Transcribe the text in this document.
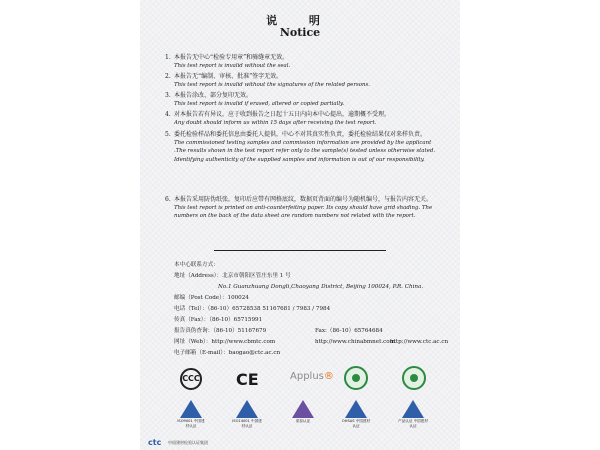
说 明
Notice
1. 本报告无中心“检验专用章”和骑缝章无效。
This test report is invalid without the seal.
2. 本报告无“编制、审核、批准”签字无效。
This test report is invalid without the signatures of the related persons.
3. 本报告涂改、部分复印无效。
This test report is invalid if erased, altered or copied partially.
4. 对本报告若有异议，应于收到报告之日起十五日内向本中心提出，逾期概不受理。
Any doubt should inform us within 15 days after receiving the test report.
5. 委托检验样品和委托信息由委托人提供，中心不对其真实性负责，委托检验结果仅对来样负责。
The commissioned testing samples and commission information are provided by the applicant .The results shown in the test report refer only to the sample(s) tested unless otherwise stated. Identifying authenticity of the supplied samples and information is out of our responsibility.
6. 本报告采用防伪纸张，复印后应带有网格底纹，数据页背面的编号为随机编号，与报告内容无关。
This test report is printed on anti-counterfeiting paper. Its copy should have grid shading. The numbers on the back of the data sheet are random numbers not related with the report.
本中心联系方式：
地址（Address）：北京市朝阳区管庄东里 1 号
No.1 Guanzhuang Dongli,Chaoyang District, Beijing 100024, P.R. China.
邮编（Post Code）：100024
电话（Tel）：（86-10）65728538 51167681 / 7983 / 7984
传真（Fax）：（86-10）65715991
报告真伪查询：（86-10）51167679	Fax:（86-10）65764684
网址（Web）：http://www.cbmtc.com	http://www.chinabmnet.com
http://www.ctc.ac.cn
电子邮箱（E-mail）：baogao@ctc.ac.cn
CCC CE	Applus®
ISO9001 中国建材认证
ISO14001 中国建材认证
质检认证	OHSAS 中国建材认证
产品认证 中国建材认证
ctc 中国建材检验认证集团
